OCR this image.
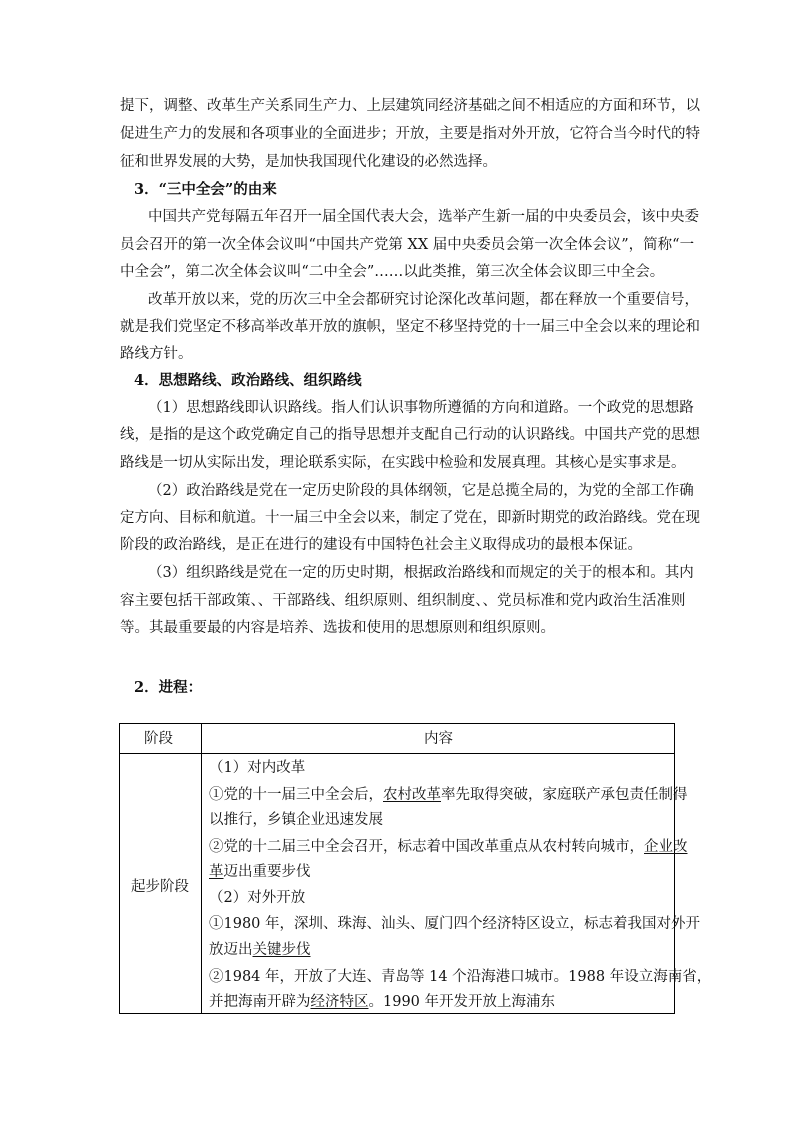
提下，调整、改革生产关系同生产力、上层建筑同经济基础之间不相适应的方面和环节，以
促进生产力的发展和各项事业的全面进步；开放，主要是指对外开放，它符合当今时代的特
征和世界发展的大势，是加快我国现代化建设的必然选择。
3．“三中全会”的由来
中国共产党每隔五年召开一届全国代表大会，选举产生新一届的中央委员会，该中央委
员会召开的第一次全体会议叫“中国共产党第 XX 届中央委员会第一次全体会议”，简称“一
中全会”，第二次全体会议叫“二中全会”……以此类推，第三次全体会议即三中全会。
改革开放以来，党的历次三中全会都研究讨论深化改革问题，都在释放一个重要信号，
就是我们党坚定不移高举改革开放的旗帜，坚定不移坚持党的十一届三中全会以来的理论和
路线方针。
4．思想路线、政治路线、组织路线
（1）思想路线即认识路线。指人们认识事物所遵循的方向和道路。一个政党的思想路
线，是指的是这个政党确定自己的指导思想并支配自己行动的认识路线。中国共产党的思想
路线是一切从实际出发，理论联系实际，在实践中检验和发展真理。其核心是实事求是。
（2）政治路线是党在一定历史阶段的具体纲领，它是总揽全局的，为党的全部工作确
定方向、目标和航道。十一届三中全会以来，制定了党在，即新时期党的政治路线。党在现
阶段的政治路线，是正在进行的建设有中国特色社会主义取得成功的最根本保证。
（3）组织路线是党在一定的历史时期，根据政治路线和而规定的关于的根本和。其内
容主要包括干部政策、、干部路线、组织原则、组织制度、、党员标准和党内政治生活准则
等。其最重要最的内容是培养、选拔和使用的思想原则和组织原则。
2．进程：
阶段	内容
起步阶段
（1）对内改革
①党的十一届三中全会后，农村改革率先取得突破，家庭联产承包责任制得
以推行，乡镇企业迅速发展
②党的十二届三中全会召开，标志着中国改革重点从农村转向城市，企业改
革迈出重要步伐
（2）对外开放
①1980 年，深圳、珠海、汕头、厦门四个经济特区设立，标志着我国对外开
放迈出关键步伐
②1984 年，开放了大连、青岛等 14 个沿海港口城市。1988 年设立海南省，
并把海南开辟为经济特区。1990 年开发开放上海浦东
